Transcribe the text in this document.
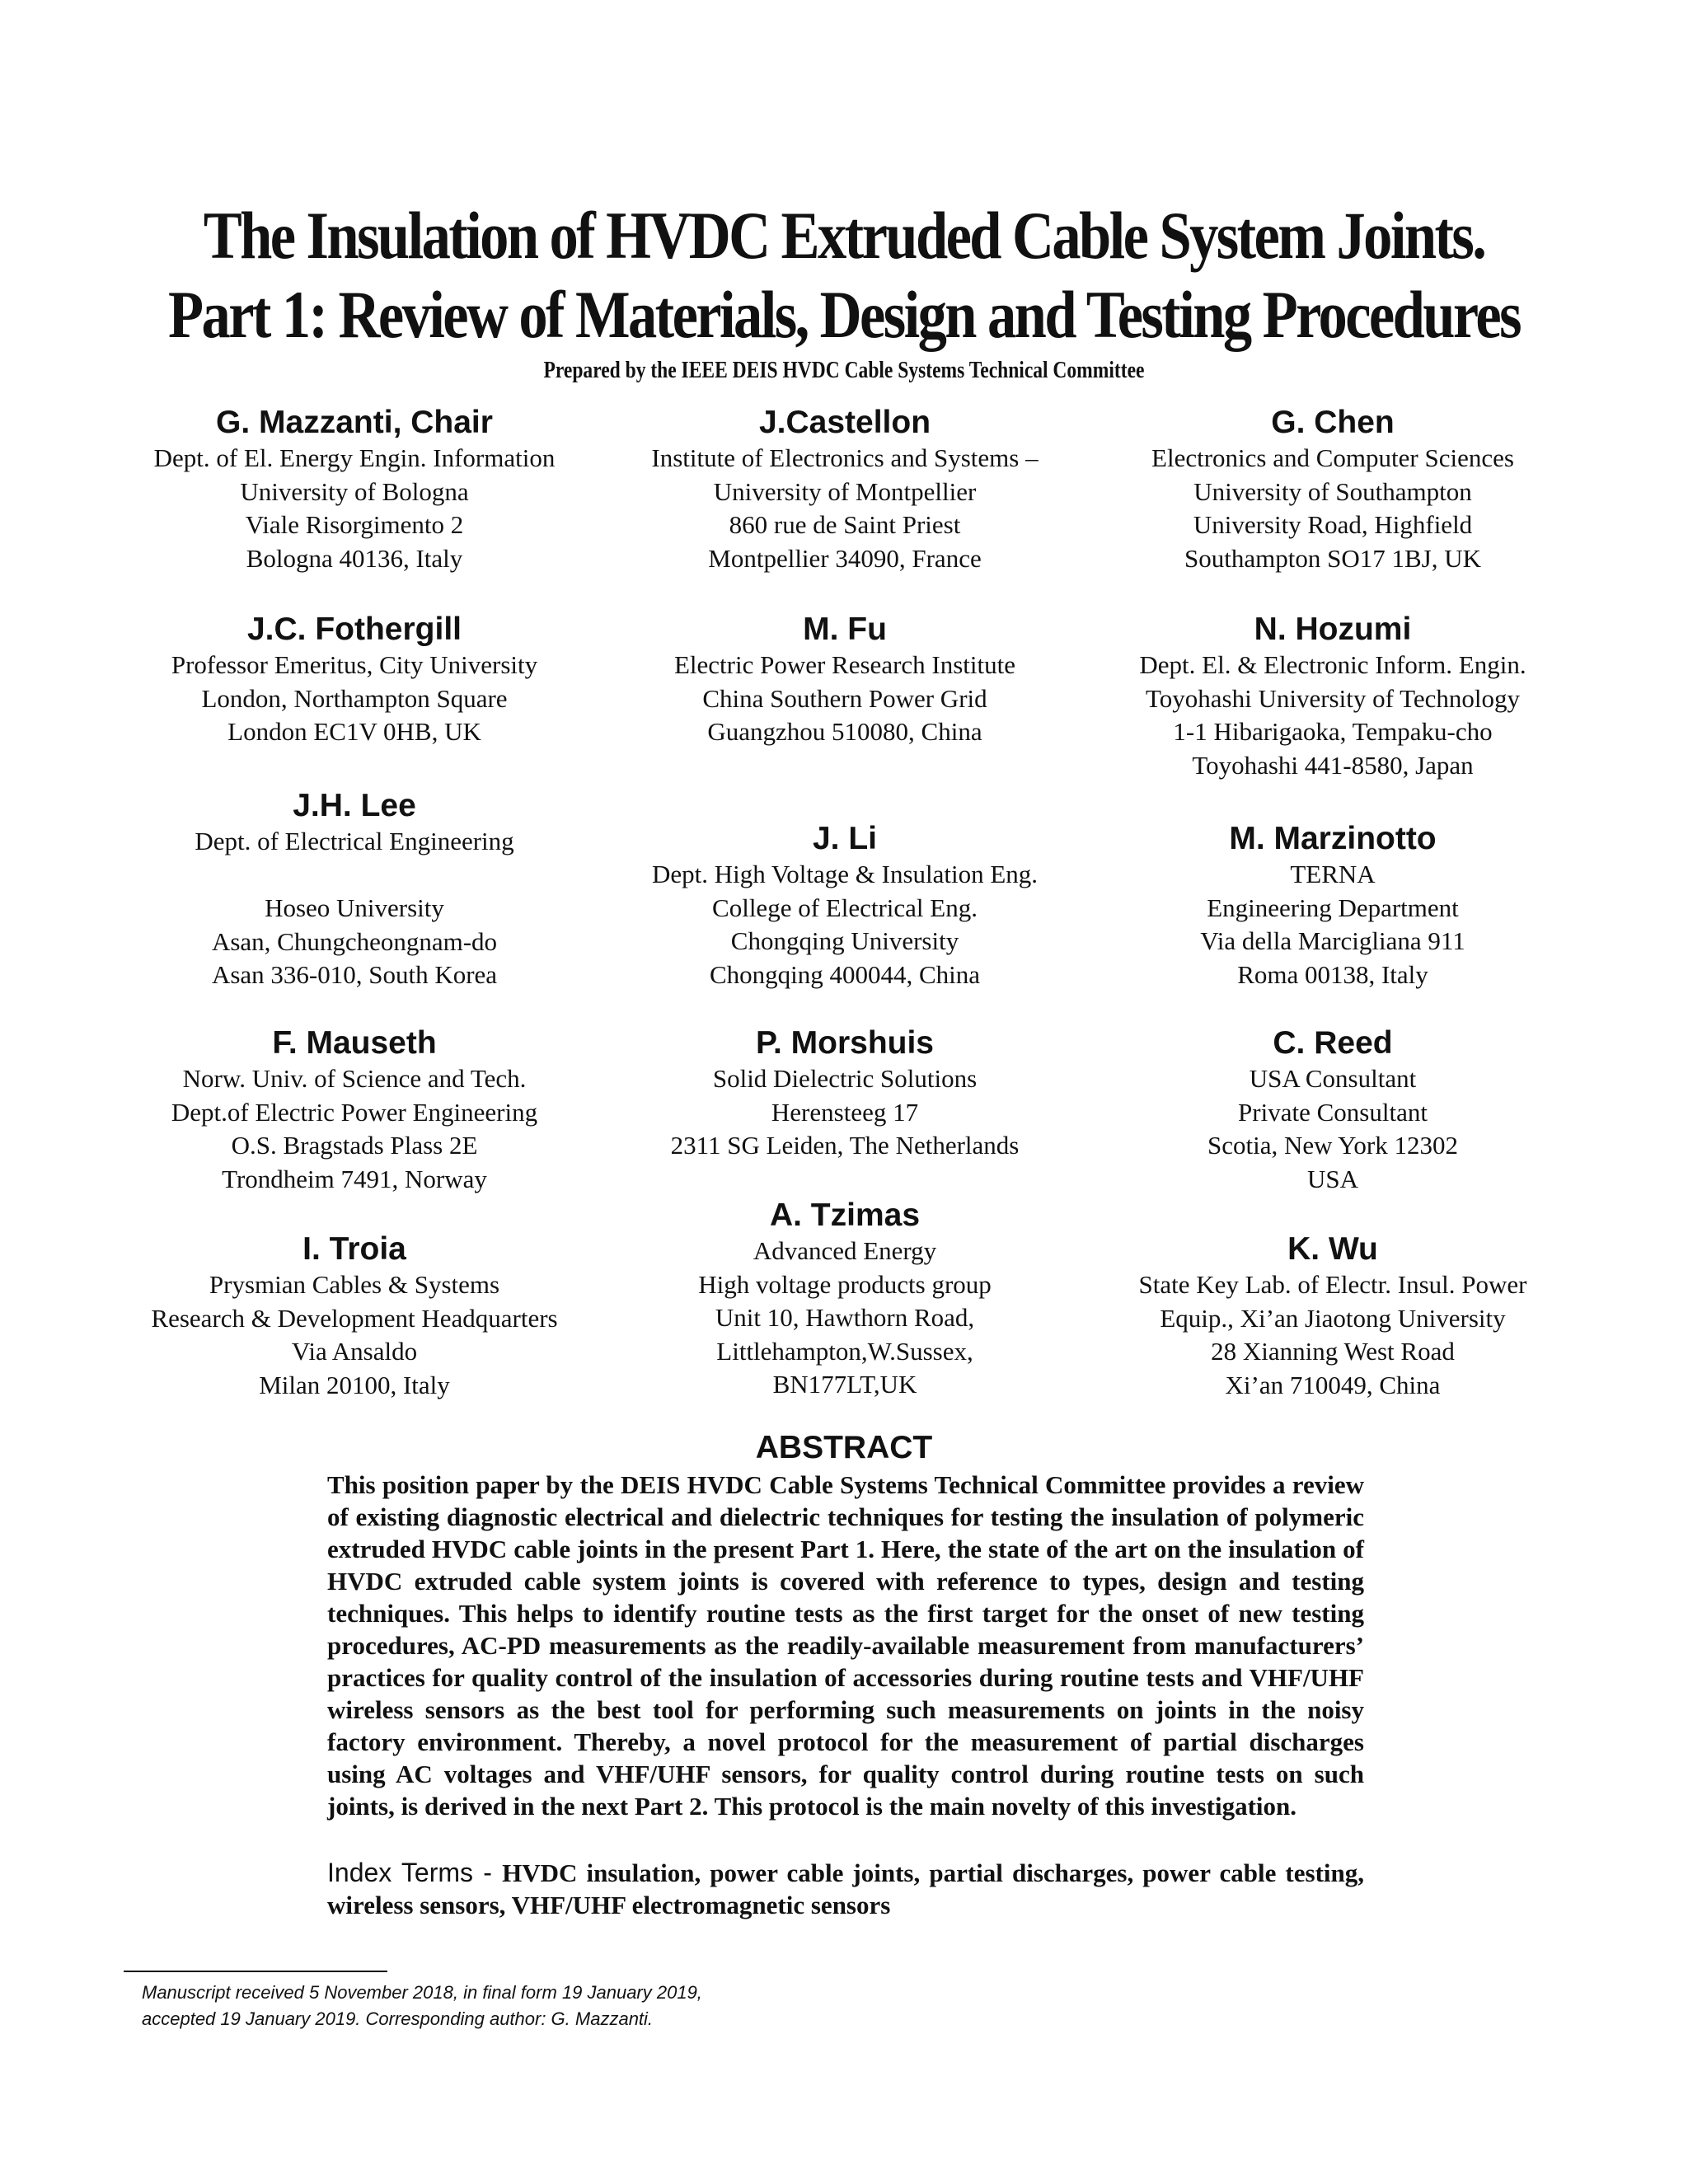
The Insulation of HVDC Extruded Cable System Joints.
Part 1: Review of Materials, Design and Testing Procedures
Prepared by the IEEE DEIS HVDC Cable Systems Technical Committee
G. Mazzanti, Chair
Dept. of El. Energy Engin. Information
University of Bologna
Viale Risorgimento 2
Bologna 40136, Italy
J.Castellon
Institute of Electronics and Systems –
University of Montpellier
860 rue de Saint Priest
Montpellier 34090, France
G. Chen
Electronics and Computer Sciences
University of Southampton
University Road, Highfield
Southampton SO17 1BJ, UK
J.C. Fothergill
Professor Emeritus, City University
London, Northampton Square
London EC1V 0HB, UK
M. Fu
Electric Power Research Institute
China Southern Power Grid
Guangzhou 510080, China
N. Hozumi
Dept. El. & Electronic Inform. Engin.
Toyohashi University of Technology
1-1 Hibarigaoka, Tempaku-cho
Toyohashi 441-8580, Japan
J.H. Lee
Dept. of Electrical Engineering

Hoseo University
Asan, Chungcheongnam-do
Asan 336-010, South Korea
J. Li
Dept. High Voltage & Insulation Eng.
College of Electrical Eng.
Chongqing University
Chongqing 400044, China
M. Marzinotto
TERNA
Engineering Department
Via della Marcigliana 911
Roma 00138, Italy
F. Mauseth
Norw. Univ. of Science and Tech.
Dept.of Electric Power Engineering
O.S. Bragstads Plass 2E
Trondheim 7491, Norway
P. Morshuis
Solid Dielectric Solutions
Herensteeg 17
2311 SG Leiden, The Netherlands
C. Reed
USA Consultant
Private Consultant
Scotia, New York 12302
USA
I. Troia
Prysmian Cables & Systems
Research & Development Headquarters
Via Ansaldo
Milan 20100, Italy
A. Tzimas
Advanced Energy
High voltage products group
Unit 10, Hawthorn Road,
Littlehampton,W.Sussex,
BN177LT,UK
K. Wu
State Key Lab. of Electr. Insul. Power
Equip., Xi’an Jiaotong University
28 Xianning West Road
Xi’an 710049, China
ABSTRACT
This position paper by the DEIS HVDC Cable Systems Technical Committee provides a review of existing diagnostic electrical and dielectric techniques for testing the insulation of polymeric extruded HVDC cable joints in the present Part 1. Here, the state of the art on the insulation of HVDC extruded cable system joints is covered with reference to types, design and testing techniques. This helps to identify routine tests as the first target for the onset of new testing procedures, AC-PD measurements as the readily-available measurement from manufacturers’ practices for quality control of the insulation of accessories during routine tests and VHF/UHF wireless sensors as the best tool for performing such measurements on joints in the noisy factory environment. Thereby, a novel protocol for the measurement of partial discharges using AC voltages and VHF/UHF sensors, for quality control during routine tests on such joints, is derived in the next Part 2. This protocol is the main novelty of this investigation.
Index Terms - HVDC insulation, power cable joints, partial discharges, power cable testing, wireless sensors, VHF/UHF electromagnetic sensors
Manuscript received 5 November 2018, in final form 19 January 2019,
accepted 19 January 2019. Corresponding author: G. Mazzanti.
